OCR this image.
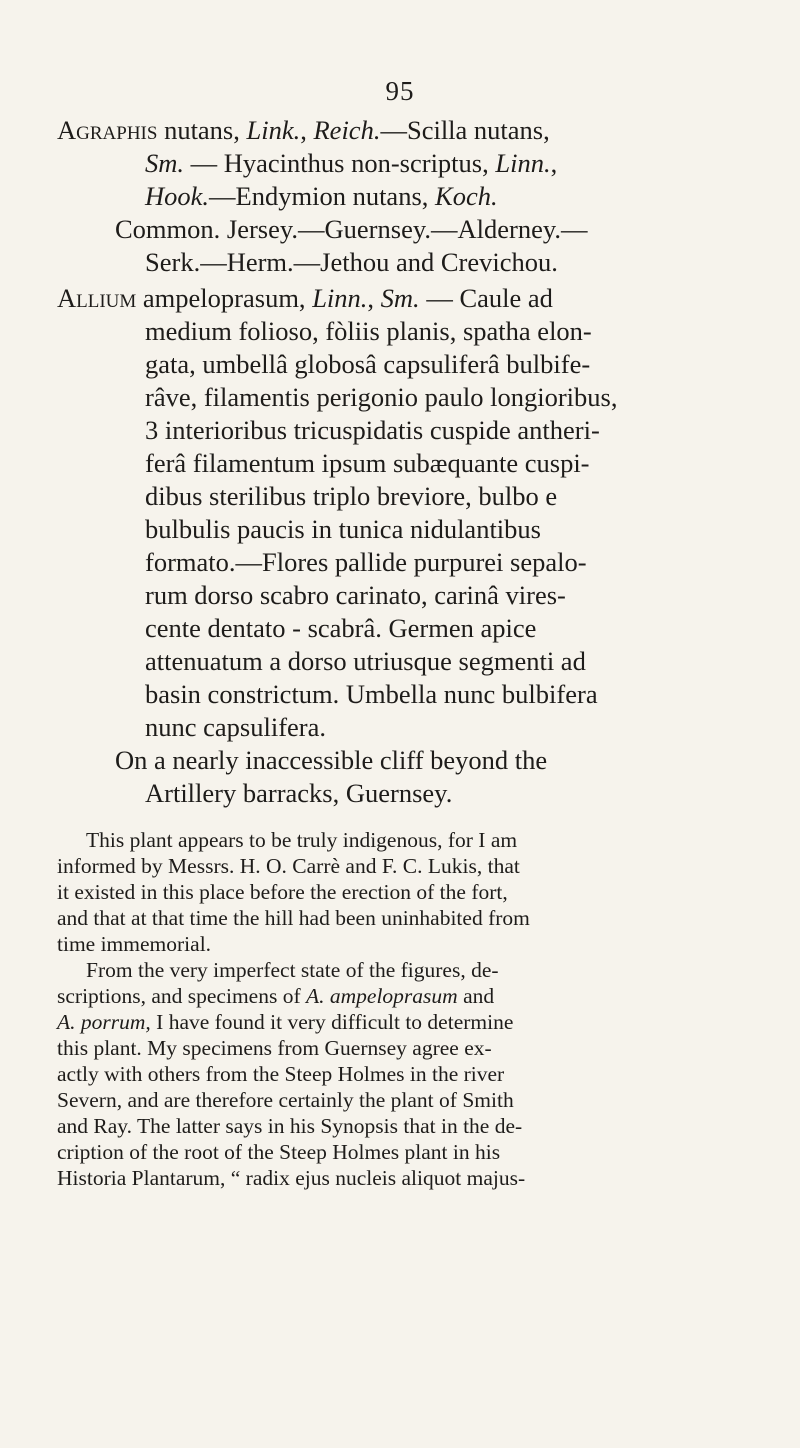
95
Agraphis nutans, Link., Reich.—Scilla nutans,
Sm. — Hyacinthus non-scriptus, Linn.,
Hook.—Endymion nutans, Koch.
Common. Jersey.—Guernsey.—Alderney.—
Serk.—Herm.—Jethou and Crevichou.
Allium ampeloprasum, Linn., Sm. — Caule ad
medium folioso, fòliis planis, spatha elon-
gata, umbellâ globosâ capsuliferâ bulbife-
râve, filamentis perigonio paulo longioribus,
3 interioribus tricuspidatis cuspide antheri-
ferâ filamentum ipsum subæquante cuspi-
dibus sterilibus triplo breviore, bulbo e
bulbulis paucis in tunica nidulantibus
formato.—Flores pallide purpurei sepalo-
rum dorso scabro carinato, carinâ vires-
cente dentato - scabrâ. Germen apice
attenuatum a dorso utriusque segmenti ad
basin constrictum. Umbella nunc bulbifera
nunc capsulifera.
On a nearly inaccessible cliff beyond the
Artillery barracks, Guernsey.
This plant appears to be truly indigenous, for I am
informed by Messrs. H. O. Carrè and F. C. Lukis, that
it existed in this place before the erection of the fort,
and that at that time the hill had been uninhabited from
time immemorial.
From the very imperfect state of the figures, de-
scriptions, and specimens of A. ampeloprasum and
A. porrum, I have found it very difficult to determine
this plant. My specimens from Guernsey agree ex-
actly with others from the Steep Holmes in the river
Severn, and are therefore certainly the plant of Smith
and Ray. The latter says in his Synopsis that in the de-
cription of the root of the Steep Holmes plant in his
Historia Plantarum, “ radix ejus nucleis aliquot majus-
